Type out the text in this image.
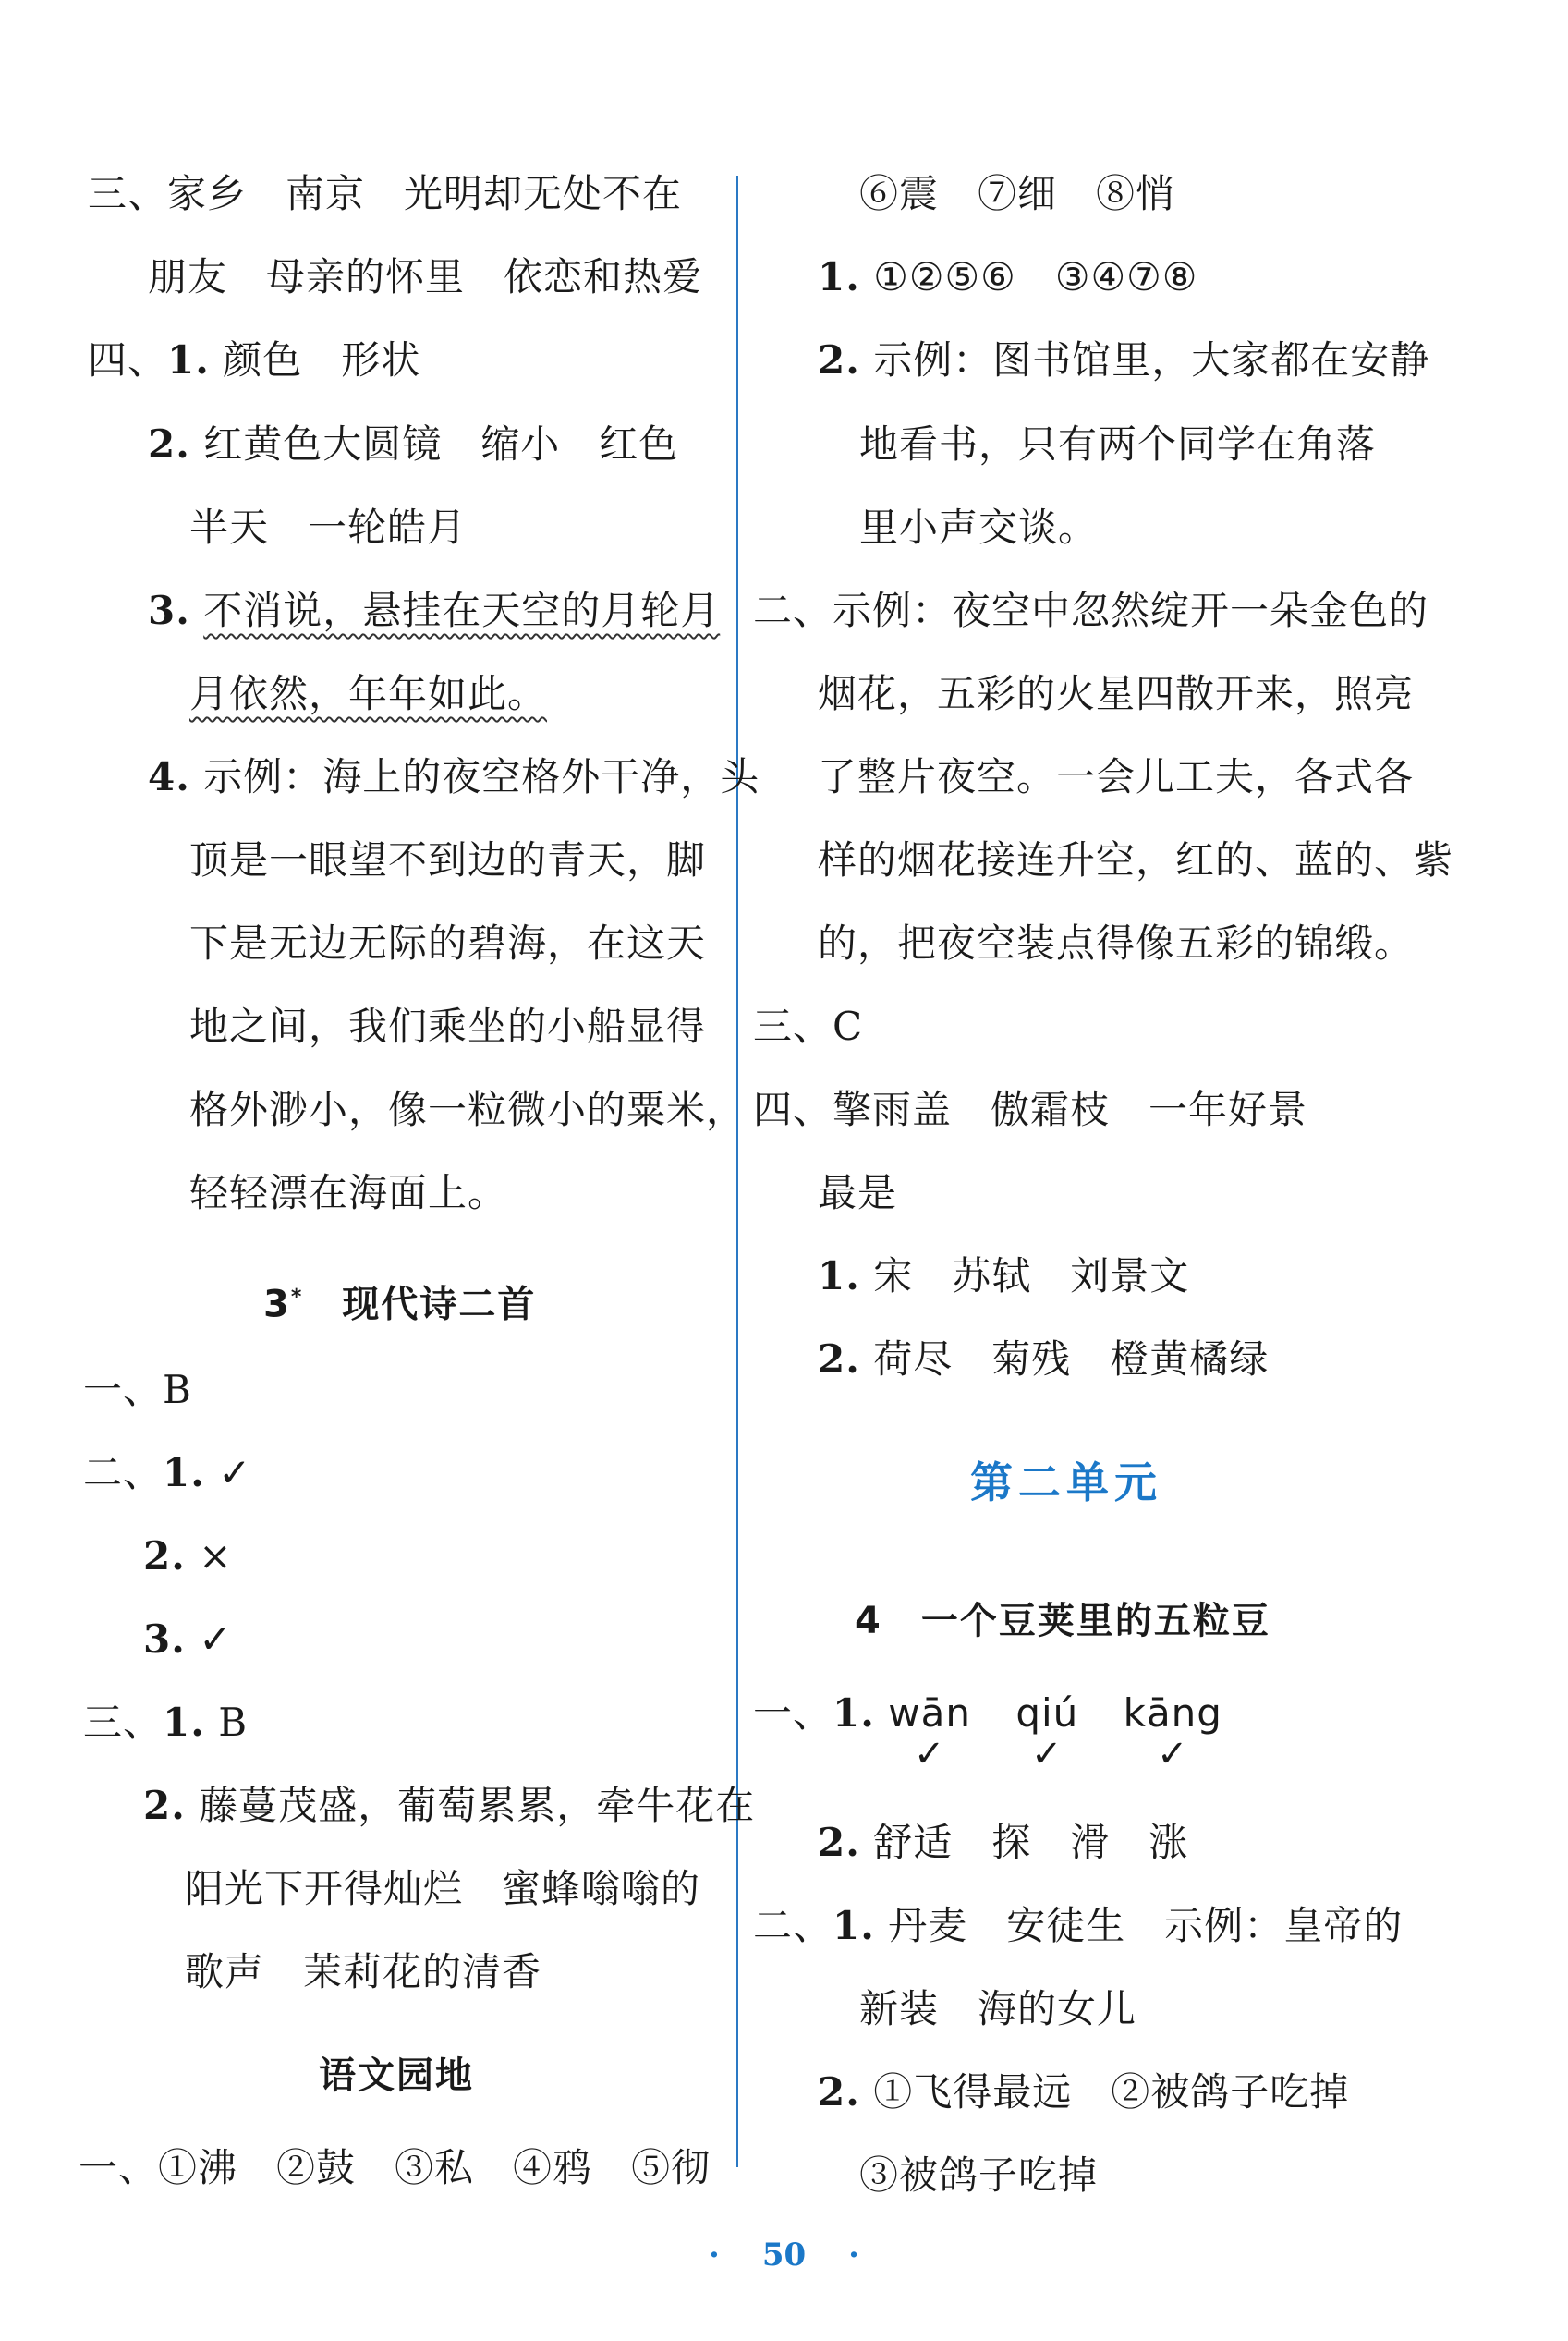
三、家乡 南京 光明却无处不在
朋友 母亲的怀里 依恋和热爱
四、1. 颜色 形状
2. 红黄色大圆镜 缩小 红色
半天 一轮皓月
3. 不消说，悬挂在天空的月轮月
月依然，年年如此。
4. 示例：海上的夜空格外干净，头
顶是一眼望不到边的青天，脚
下是无边无际的碧海，在这天
地之间，我们乘坐的小船显得
格外渺小，像一粒微小的粟米，
轻轻漂在海面上。
3* 现代诗二首
一、B
二、1. ✓
2. ×
3. ✓
三、1. B
2. 藤蔓茂盛，葡萄累累，牵牛花在
阳光下开得灿烂 蜜蜂嗡嗡的
歌声 茉莉花的清香
语文园地
一、①沸 ②鼓 ③私 ④鸦 ⑤彻
⑥震 ⑦细 ⑧悄
1. ①②⑤⑥ ③④⑦⑧
2. 示例：图书馆里，大家都在安静
地看书，只有两个同学在角落
里小声交谈。
二、示例：夜空中忽然绽开一朵金色的
烟花，五彩的火星四散开来，照亮
了整片夜空。一会儿工夫，各式各
样的烟花接连升空，红的、蓝的、紫
的，把夜空装点得像五彩的锦缎。
三、C
四、擎雨盖 傲霜枝 一年好景
最是
1. 宋 苏轼 刘景文
2. 荷尽 菊残 橙黄橘绿
第二单元
4 一个豆荚里的五粒豆
一、1. wān
✓
qiú
✓
kāng
✓
2. 舒适 探 滑 涨
二、1. 丹麦 安徒生 示例：皇帝的
新装 海的女儿
2. ①飞得最远 ②被鸽子吃掉
③被鸽子吃掉
· 50 ·
